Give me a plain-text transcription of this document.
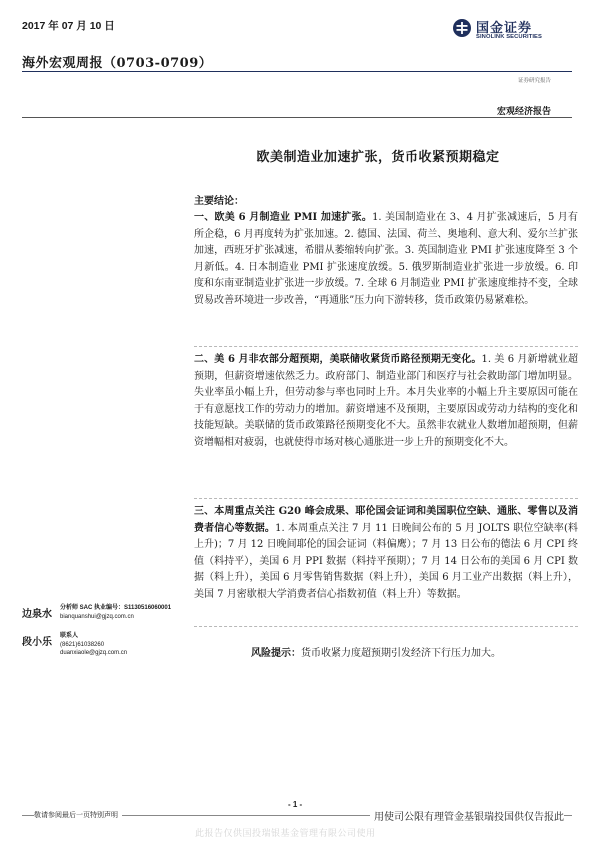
2017 年 07 月 10 日
海外宏观周报（0703-0709）
国金证券
SINOLINK SECURITIES
证券研究报告
宏观经济报告
欧美制造业加速扩张，货币收紧预期稳定
主要结论：
一、欧美 6 月制造业 PMI 加速扩张。1. 美国制造业在 3、4 月扩张减速后，5 月有所企稳，6 月再度转为扩张加速。2. 德国、法国、荷兰、奥地利、意大利、爱尔兰扩张加速，西班牙扩张减速，希腊从萎缩转向扩张。3. 英国制造业 PMI 扩张速度降至 3 个月新低。4. 日本制造业 PMI 扩张速度放缓。5. 俄罗斯制造业扩张进一步放缓。6. 印度和东南亚制造业扩张进一步放缓。7. 全球 6 月制造业 PMI 扩张速度维持不变，全球贸易改善环境进一步改善，“再通胀”压力向下游转移，货币政策仍易紧难松。
二、美 6 月非农部分超预期，美联储收紧货币路径预期无变化。1. 美 6 月新增就业超预期，但薪资增速依然乏力。政府部门、制造业部门和医疗与社会救助部门增加明显。失业率虽小幅上升，但劳动参与率也同时上升。本月失业率的小幅上升主要原因可能在于有意愿找工作的劳动力的增加。薪资增速不及预期，主要原因或劳动力结构的变化和技能短缺。美联储的货币政策路径预期变化不大。虽然非农就业人数增加超预期，但薪资增幅相对疲弱，也就使得市场对核心通胀进一步上升的预期变化不大。
三、本周重点关注 G20 峰会成果、耶伦国会证词和美国职位空缺、通胀、零售以及消费者信心等数据。1. 本周重点关注 7 月 11 日晚间公布的 5 月 JOLTS 职位空缺率(料上升)；7 月 12 日晚间耶伦的国会证词（料偏鹰）；7 月 13 日公布的德法 6 月 CPI 终值（料持平），美国 6 月 PPI 数据（料持平预期）；7 月 14 日公布的美国 6 月 CPI 数据（料上升），美国 6 月零售销售数据（料上升），美国 6 月工业产出数据（料上升），美国 7 月密歇根大学消费者信心指数初值（料上升）等数据。
边泉水	
分析师 SAC 执业编号：S1130516060001
bianquanshui@gjzq.com.cn
段小乐	
联系人
(8621)61038260
duanxiaole@gjzq.com.cn	风险提示：货币收紧力度超预期引发经济下行压力加大。
- 1 -
敬请参阅最后一页特别声明	用使司公限有理管金基银瑞投国供仅告报此
此报告仅供国投瑞银基金管理有限公司使用
